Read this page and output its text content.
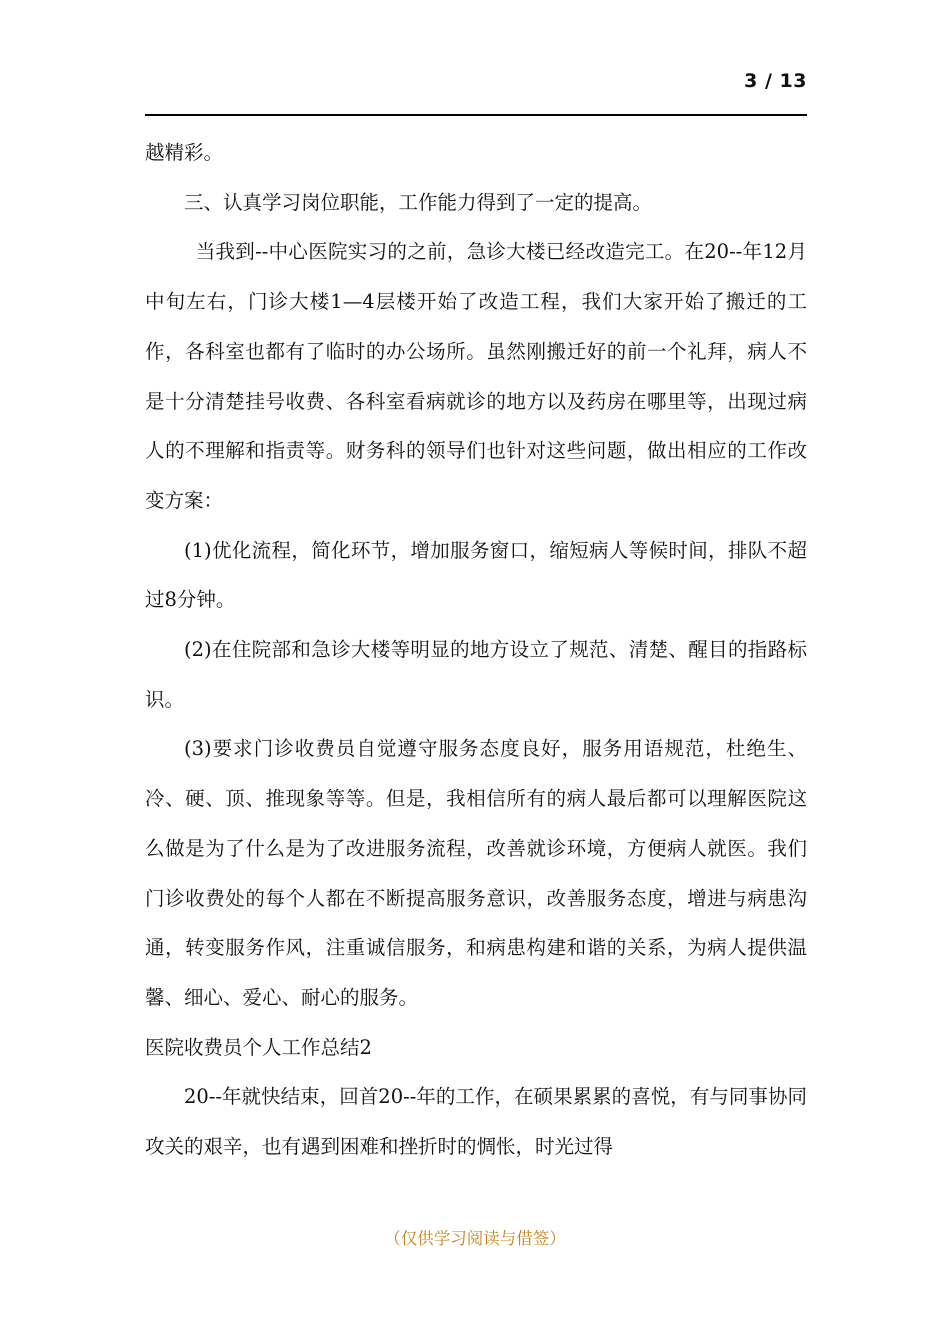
3 / 13

越精彩。

三、认真学习岗位职能，工作能力得到了一定的提高。

当我到--中心医院实习的之前，急诊大楼已经改造完工。在20--年12月中旬左右，门诊大楼1—4层楼开始了改造工程，我们大家开始了搬迁的工作，各科室也都有了临时的办公场所。虽然刚搬迁好的前一个礼拜，病人不是十分清楚挂号收费、各科室看病就诊的地方以及药房在哪里等，出现过病人的不理解和指责等。财务科的领导们也针对这些问题，做出相应的工作改变方案：

(1)优化流程，简化环节，增加服务窗口，缩短病人等候时间，排队不超过8分钟。

(2)在住院部和急诊大楼等明显的地方设立了规范、清楚、醒目的指路标识。

(3)要求门诊收费员自觉遵守服务态度良好，服务用语规范，杜绝生、冷、硬、顶、推现象等等。但是，我相信所有的病人最后都可以理解医院这么做是为了什么是为了改进服务流程，改善就诊环境，方便病人就医。我们门诊收费处的每个人都在不断提高服务意识，改善服务态度，增进与病患沟通，转变服务作风，注重诚信服务，和病患构建和谐的关系，为病人提供温馨、细心、爱心、耐心的服务。

医院收费员个人工作总结2

20--年就快结束，回首20--年的工作，在硕果累累的喜悦，有与同事协同攻关的艰辛，也有遇到困难和挫折时的惆怅，时光过得

（仅供学习阅读与借签）
